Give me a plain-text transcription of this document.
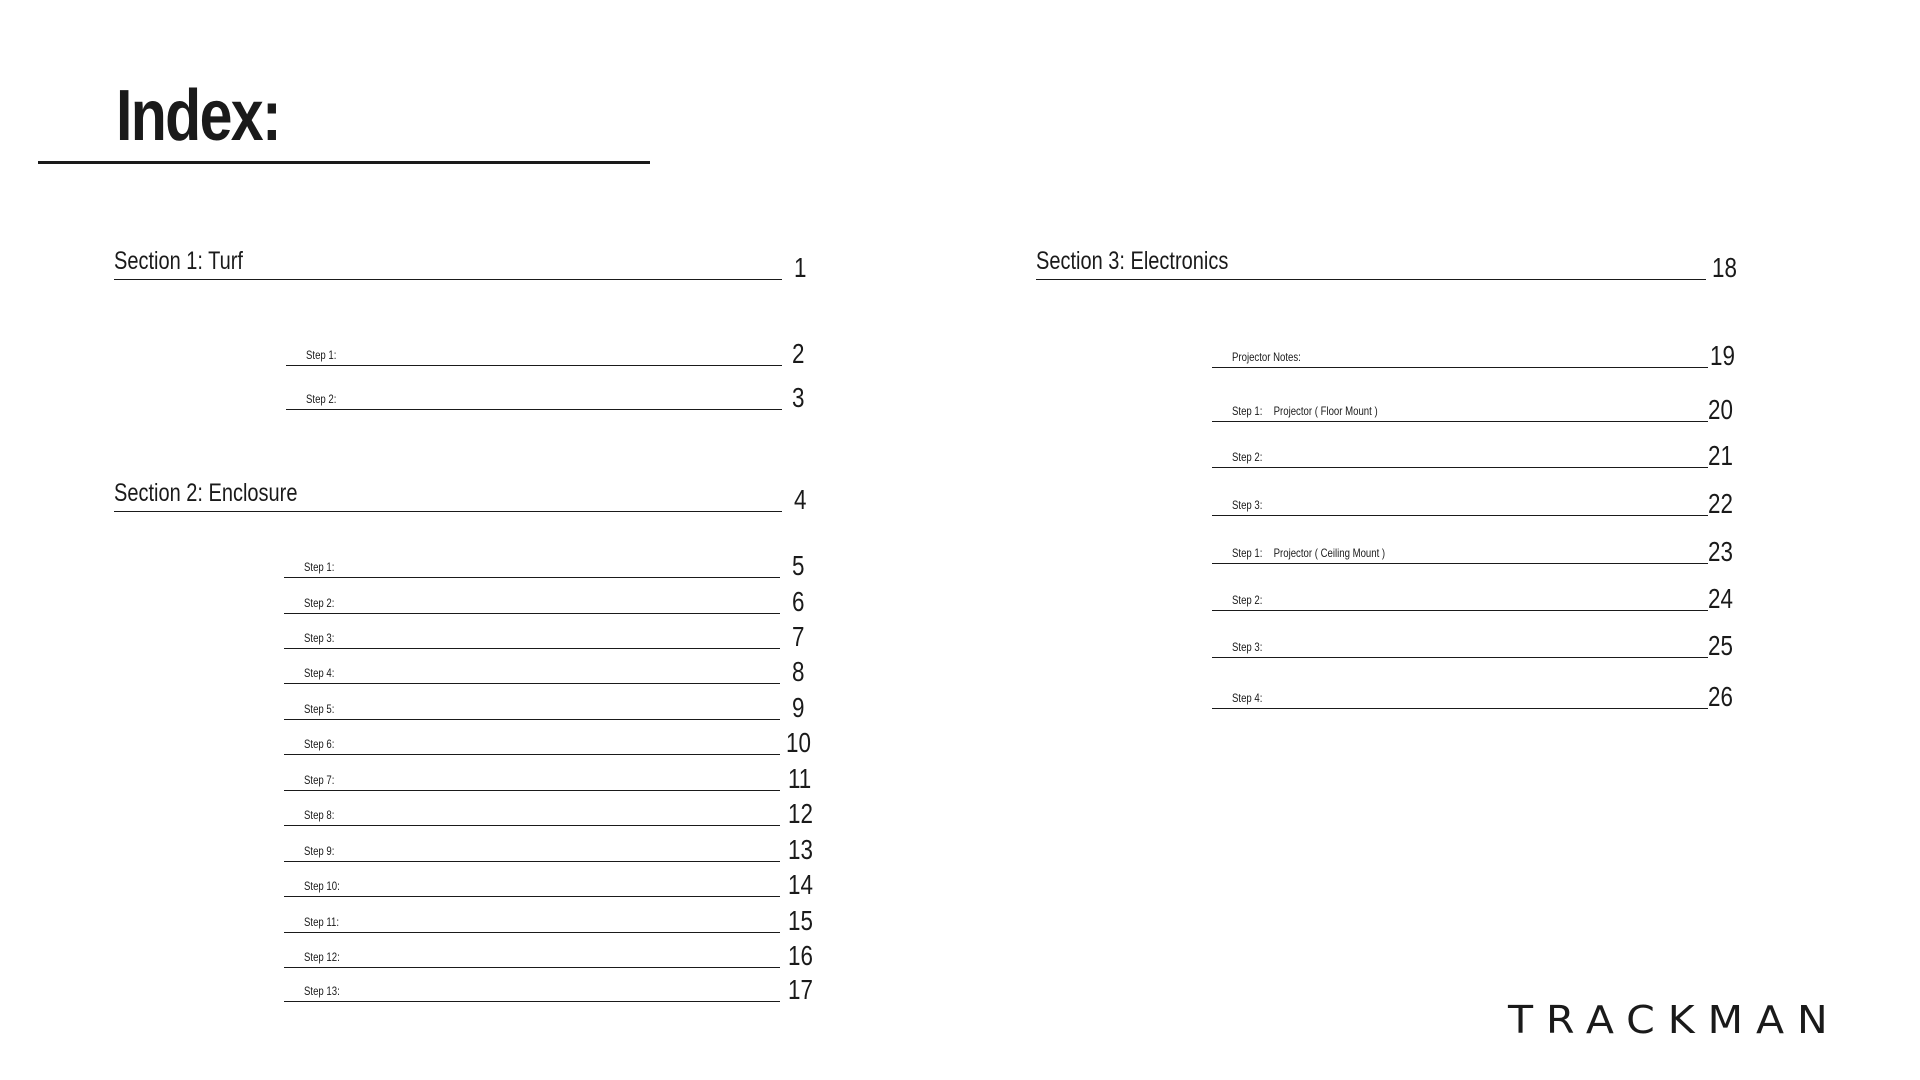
Index:
Section 1: Turf	1
Step 1:	2
Step 2:	3
Section 2: Enclosure	4
Step 1:	5
Step 2:	6
Step 3:	7
Step 4:	8
Step 5:	9
Step 6:	10
Step 7:	11
Step 8:	12
Step 9:	13
Step 10:	14
Step 11:	15
Step 12:	16
Step 13:	17
Section 3: Electronics	18
Projector Notes:	19
Step 1: Projector ( Floor Mount )	20
Step 2:	21
Step 3:	22
Step 1: Projector ( Ceiling Mount )	23
Step 2:	24
Step 3:	25
Step 4:	26
TRACKMAN
